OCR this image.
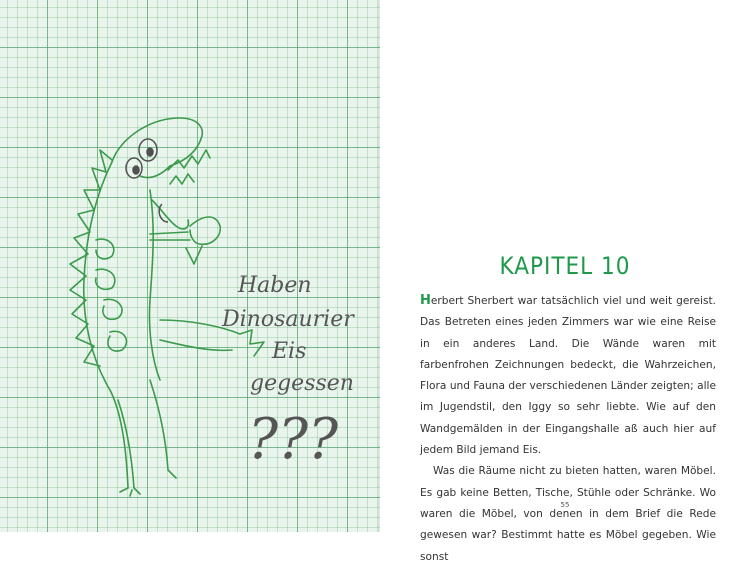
Haben
Dinosaurier
Eis
gegessen
???
KAPITEL 10

Herbert Sherbert war tatsächlich viel und weit gereist. Das Betreten eines jeden Zimmers war wie eine Reise in ein anderes Land. Die Wände waren mit farbenfrohen Zeichnungen bedeckt, die Wahrzeichen, Flora und Fauna der verschiedenen Länder zeigten; alle im Jugendstil, den Iggy so sehr liebte. Wie auf den Wandgemälden in der Eingangshalle aß auch hier auf jedem Bild jemand Eis.

Was die Räume nicht zu bieten hatten, waren Möbel. Es gab keine Betten, Tische, Stühle oder Schränke. Wo waren die Möbel, von denen in dem Brief die Rede gewesen war? Bestimmt hatte es Möbel gegeben. Wie sonst

55
